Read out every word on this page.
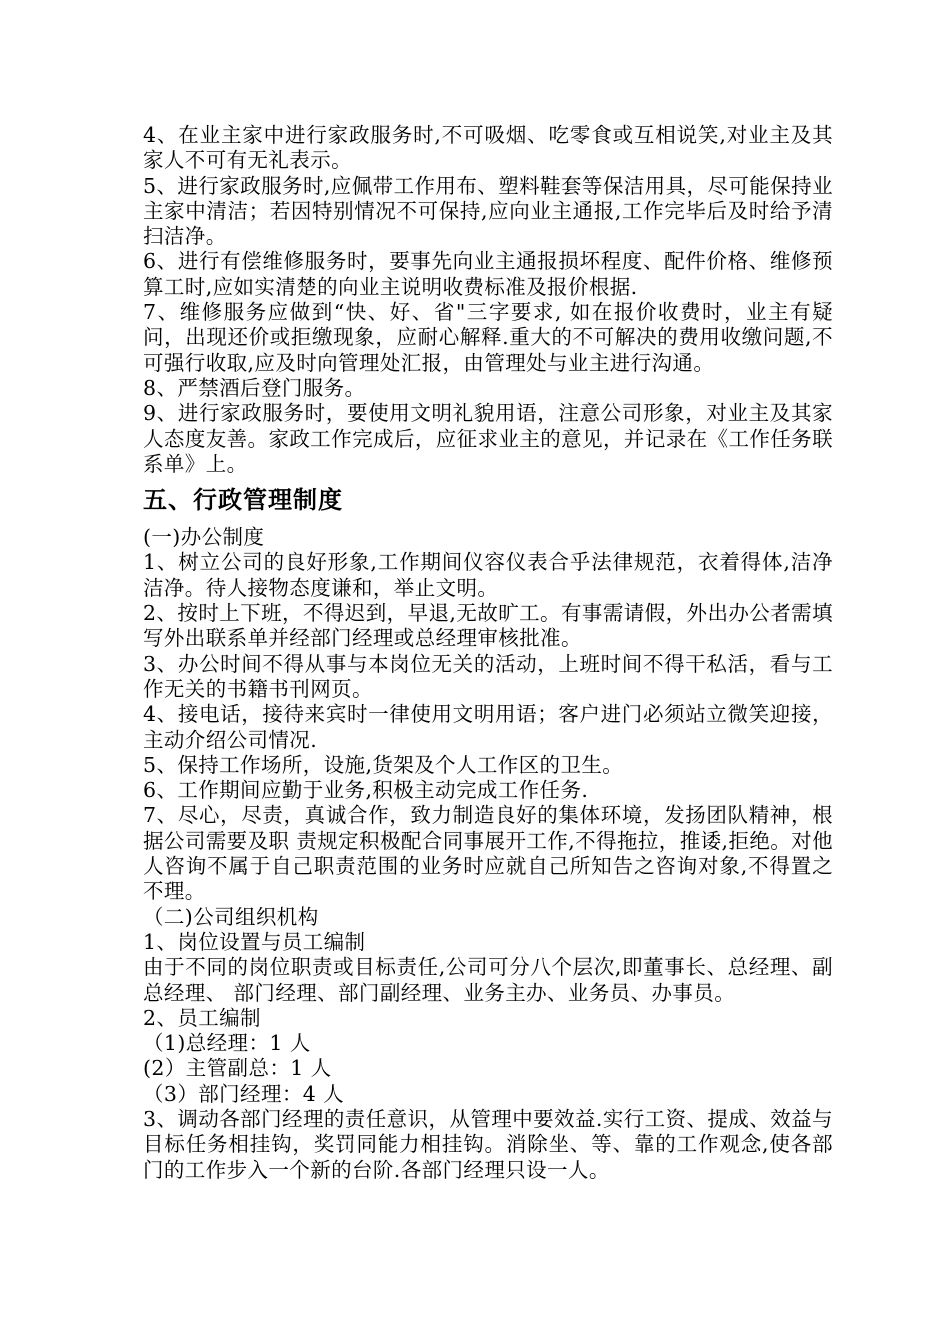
4、在业主家中进行家政服务时,不可吸烟、吃零食或互相说笑,对业主及其家人不可有无礼表示。

5、进行家政服务时,应佩带工作用布、塑料鞋套等保洁用具，尽可能保持业主家中清洁；若因特别情况不可保持,应向业主通报,工作完毕后及时给予清扫洁净。

6、进行有偿维修服务时，要事先向业主通报损坏程度、配件价格、维修预算工时,应如实清楚的向业主说明收费标准及报价根据.

7、维修服务应做到“快、好、省"三字要求, 如在报价收费时，业主有疑问，出现还价或拒缴现象，应耐心解释.重大的不可解决的费用收缴问题,不可强行收取,应及时向管理处汇报，由管理处与业主进行沟通。

8、严禁酒后登门服务。

9、进行家政服务时，要使用文明礼貌用语，注意公司形象，对业主及其家人态度友善。家政工作完成后，应征求业主的意见，并记录在《工作任务联系单》上。

五、行政管理制度

(一)办公制度

1、树立公司的良好形象,工作期间仪容仪表合乎法律规范，衣着得体,洁净洁净。待人接物态度谦和，举止文明。

2、按时上下班，不得迟到，早退,无故旷工。有事需请假，外出办公者需填写外出联系单并经部门经理或总经理审核批准。

3、办公时间不得从事与本岗位无关的活动，上班时间不得干私活，看与工作无关的书籍书刊网页。

4、接电话，接待来宾时一律使用文明用语；客户进门必须站立微笑迎接，主动介绍公司情况.

5、保持工作场所，设施,货架及个人工作区的卫生。

6、工作期间应勤于业务,积极主动完成工作任务.

7、尽心，尽责，真诚合作，致力制造良好的集体环境，发扬团队精神，根据公司需要及职 责规定积极配合同事展开工作,不得拖拉，推诿,拒绝。对他人咨询不属于自己职责范围的业务时应就自己所知告之咨询对象,不得置之不理。

（二)公司组织机构

1、岗位设置与员工编制

由于不同的岗位职责或目标责任,公司可分八个层次,即董事长、总经理、副总经理、 部门经理、部门副经理、业务主办、业务员、办事员。

2、员工编制

（1)总经理：1 人

(2）主管副总：1 人

（3）部门经理：4 人

3、调动各部门经理的责任意识，从管理中要效益.实行工资、提成、效益与目标任务相挂钩，奖罚同能力相挂钩。消除坐、等、靠的工作观念,使各部门的工作步入一个新的台阶.各部门经理只设一人。
